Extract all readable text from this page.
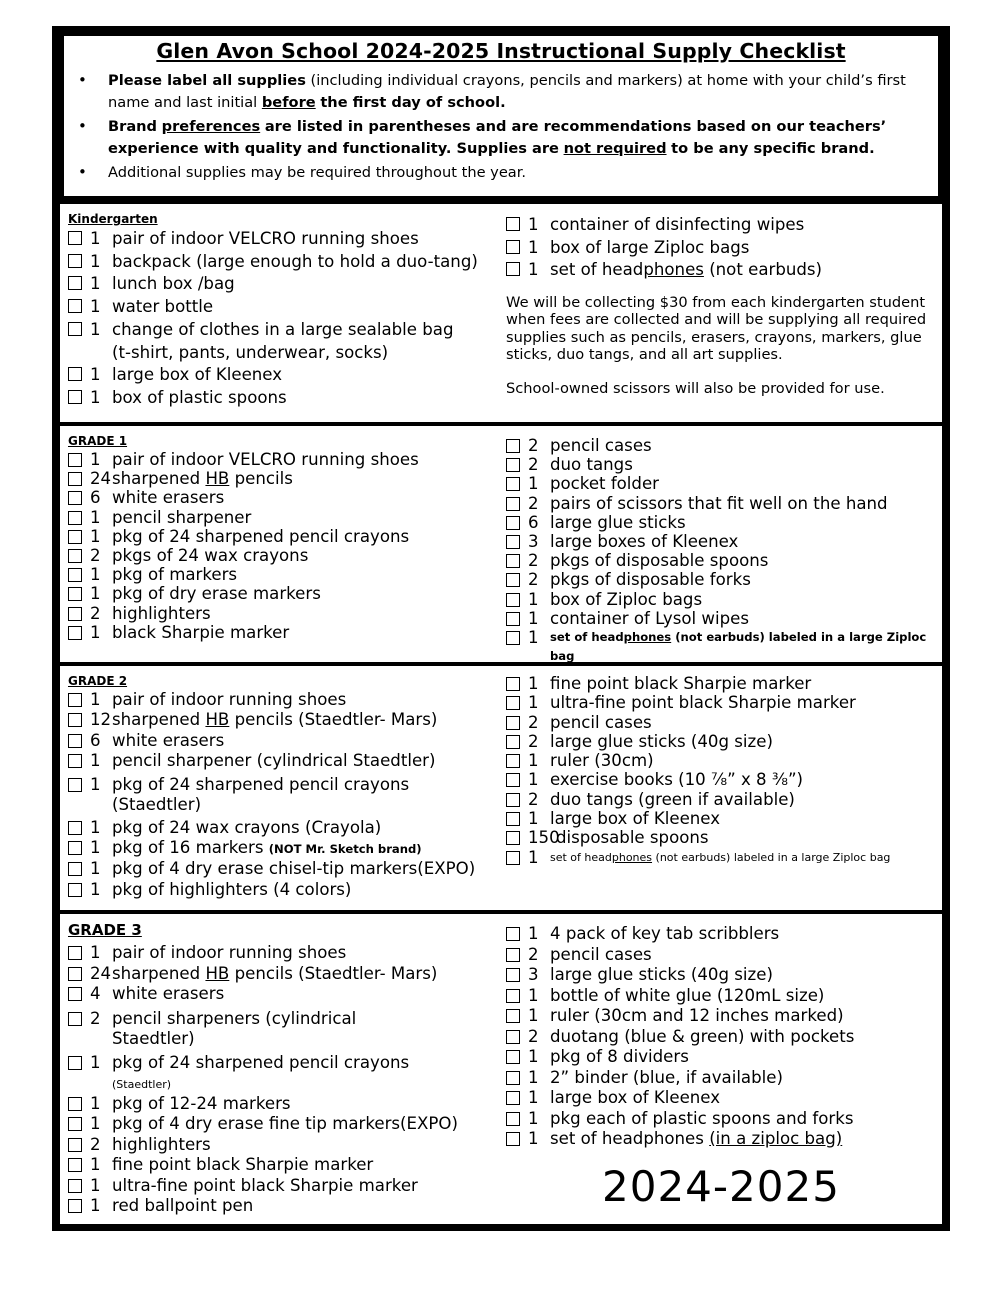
Glen Avon School 2024-2025 Instructional Supply Checklist
• Please label all supplies (including individual crayons, pencils and markers) at home with your child’s first name and last initial before the first day of school.
• Brand preferences are listed in parentheses and are recommendations based on our teachers’ experience with quality and functionality. Supplies are not required to be any specific brand.
• Additional supplies may be required throughout the year.
Kindergarten
1 pair of indoor VELCRO running shoes
1 backpack (large enough to hold a duo-tang)
1 lunch box /bag
1 water bottle
1 change of clothes in a large sealable bag
(t-shirt, pants, underwear, socks)
1 large box of Kleenex
1 box of plastic spoons
1 container of disinfecting wipes
1 box of large Ziploc bags
1 set of headphones (not earbuds)

We will be collecting $30 from each kindergarten student when fees are collected and will be supplying all required supplies such as pencils, erasers, crayons, markers, glue sticks, duo tangs, and all art supplies.

School-owned scissors will also be provided for use.

GRADE 1
1 pair of indoor VELCRO running shoes
24 sharpened HB pencils
6 white erasers
1 pencil sharpener
1 pkg of 24 sharpened pencil crayons
2 pkgs of 24 wax crayons
1 pkg of markers
1 pkg of dry erase markers
2 highlighters
1 black Sharpie marker
2 pencil cases
2 duo tangs
1 pocket folder
2 pairs of scissors that fit well on the hand
6 large glue sticks
3 large boxes of Kleenex
2 pkgs of disposable spoons
2 pkgs of disposable forks
1 box of Ziploc bags
1 container of Lysol wipes
1 set of headphones (not earbuds) labeled in a large Ziploc bag
GRADE 2
1 pair of indoor running shoes
12 sharpened HB pencils (Staedtler- Mars)
6 white erasers
1 pencil sharpener (cylindrical Staedtler)
1 pkg of 24 sharpened pencil crayons (Staedtler)
1 pkg of 24 wax crayons (Crayola)
1 pkg of 16 markers (NOT Mr. Sketch brand)
1 pkg of 4 dry erase chisel-tip markers(EXPO)
1 pkg of highlighters (4 colors)
1 fine point black Sharpie marker
1 ultra-fine point black Sharpie marker
2 pencil cases
2 large glue sticks (40g size)
1 ruler (30cm)
1 exercise books (10 ⅞” x 8 ⅜”)
2 duo tangs (green if available)
1 large box of Kleenex
150
disposable spoons
1	set of headphones (not earbuds) labeled in a large Ziploc bag
GRADE 3
1 pair of indoor running shoes
24 sharpened HB pencils (Staedtler- Mars)
4 white erasers
2 pencil sharpeners (cylindrical Staedtler)
1 pkg of 24 sharpened pencil crayons
(Staedtler)
1 pkg of 12-24 markers
1 pkg of 4 dry erase fine tip markers(EXPO)
2 highlighters
1 fine point black Sharpie marker
1 ultra-fine point black Sharpie marker
1 red ballpoint pen
1 4 pack of key tab scribblers
2 pencil cases
3 large glue sticks (40g size)
1 bottle of white glue (120mL size)
1 ruler (30cm and 12 inches marked)
2 duotang (blue & green) with pockets
1 pkg of 8 dividers
1 2” binder (blue, if available)
1 large box of Kleenex
1 pkg each of plastic spoons and forks
1 set of headphones (in a ziploc bag)
2024-2025
